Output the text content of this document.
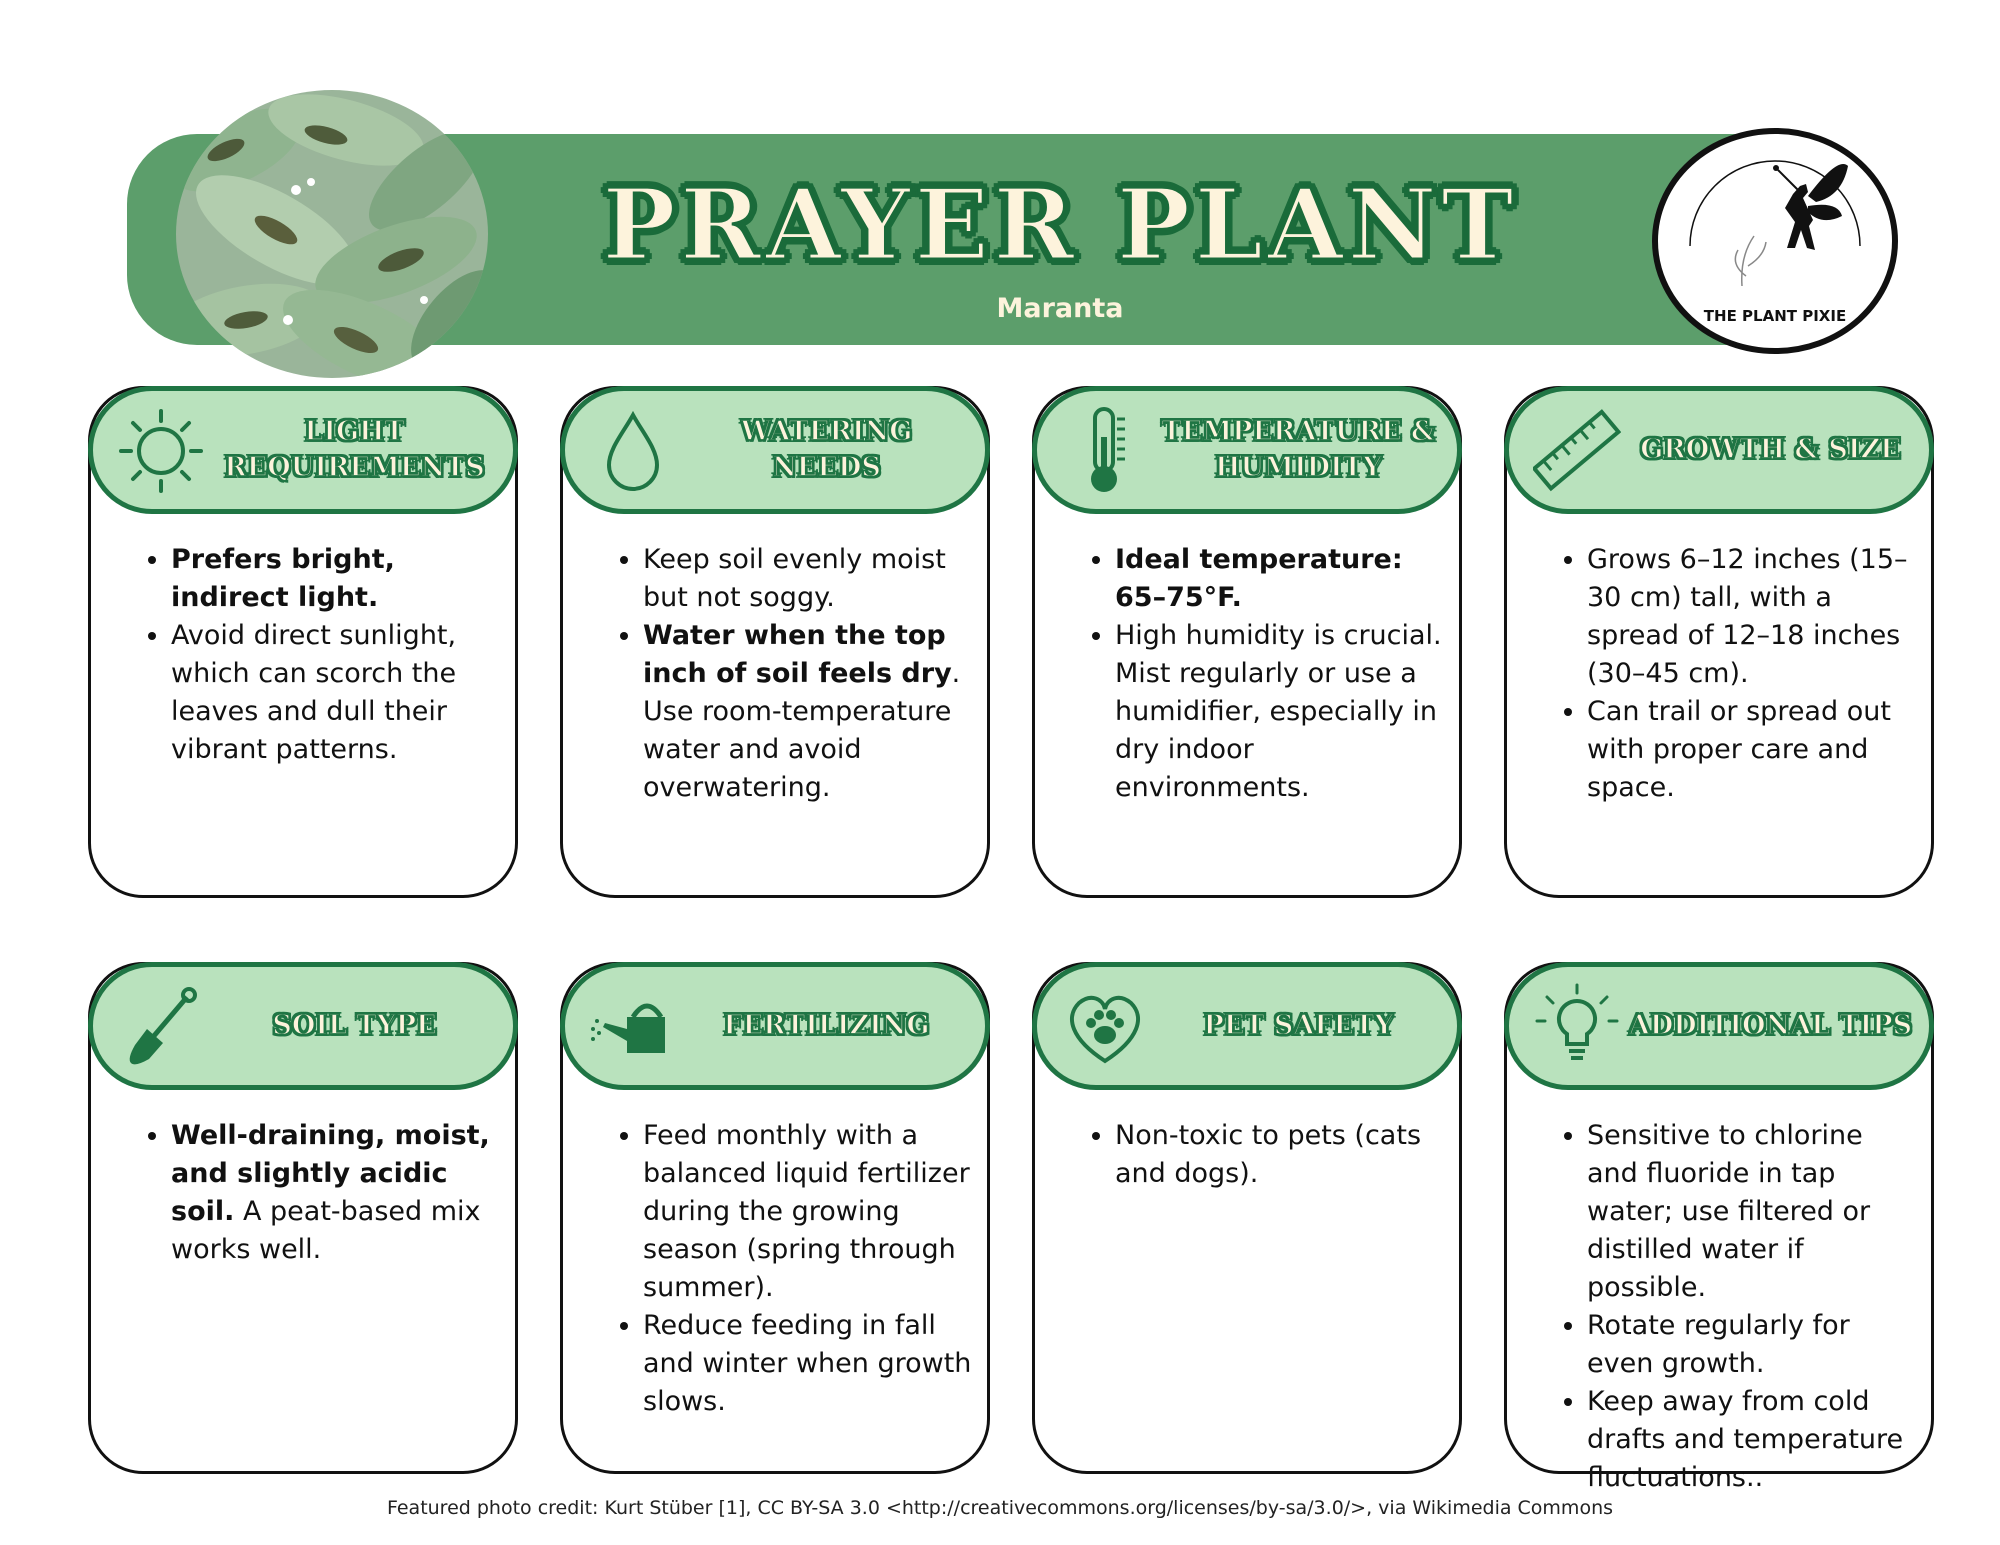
PRAYER PLANT
Maranta	THE PLANT PIXIE
LIGHT REQUIREMENTS
• Prefers bright, indirect light.
• Avoid direct sunlight, which can scorch the leaves and dull their vibrant patterns.
WATERING NEEDS
• Keep soil evenly moist but not soggy.
• Water when the top inch of soil feels dry. Use room-temperature water and avoid overwatering.
TEMPERATURE & HUMIDITY
• Ideal temperature: 65–75°F.
• High humidity is crucial. Mist regularly or use a humidifier, especially in dry indoor environments.
GROWTH & SIZE
• Grows 6–12 inches (15–30 cm) tall, with a spread of 12–18 inches (30–45 cm).
• Can trail or spread out with proper care and space.
SOIL TYPE
• Well-draining, moist, and slightly acidic soil. A peat-based mix works well.
FERTILIZING
• Feed monthly with a balanced liquid fertilizer during the growing season (spring through summer).
• Reduce feeding in fall and winter when growth slows.
PET SAFETY
• Non-toxic to pets (cats and dogs).
ADDITIONAL TIPS
• Sensitive to chlorine and fluoride in tap water; use filtered or distilled water if possible.
• Rotate regularly for even growth.
• Keep away from cold drafts and temperature fluctuations..
Featured photo credit: Kurt Stüber [1], CC BY-SA 3.0 <http://creativecommons.org/licenses/by-sa/3.0/>, via Wikimedia Commons
